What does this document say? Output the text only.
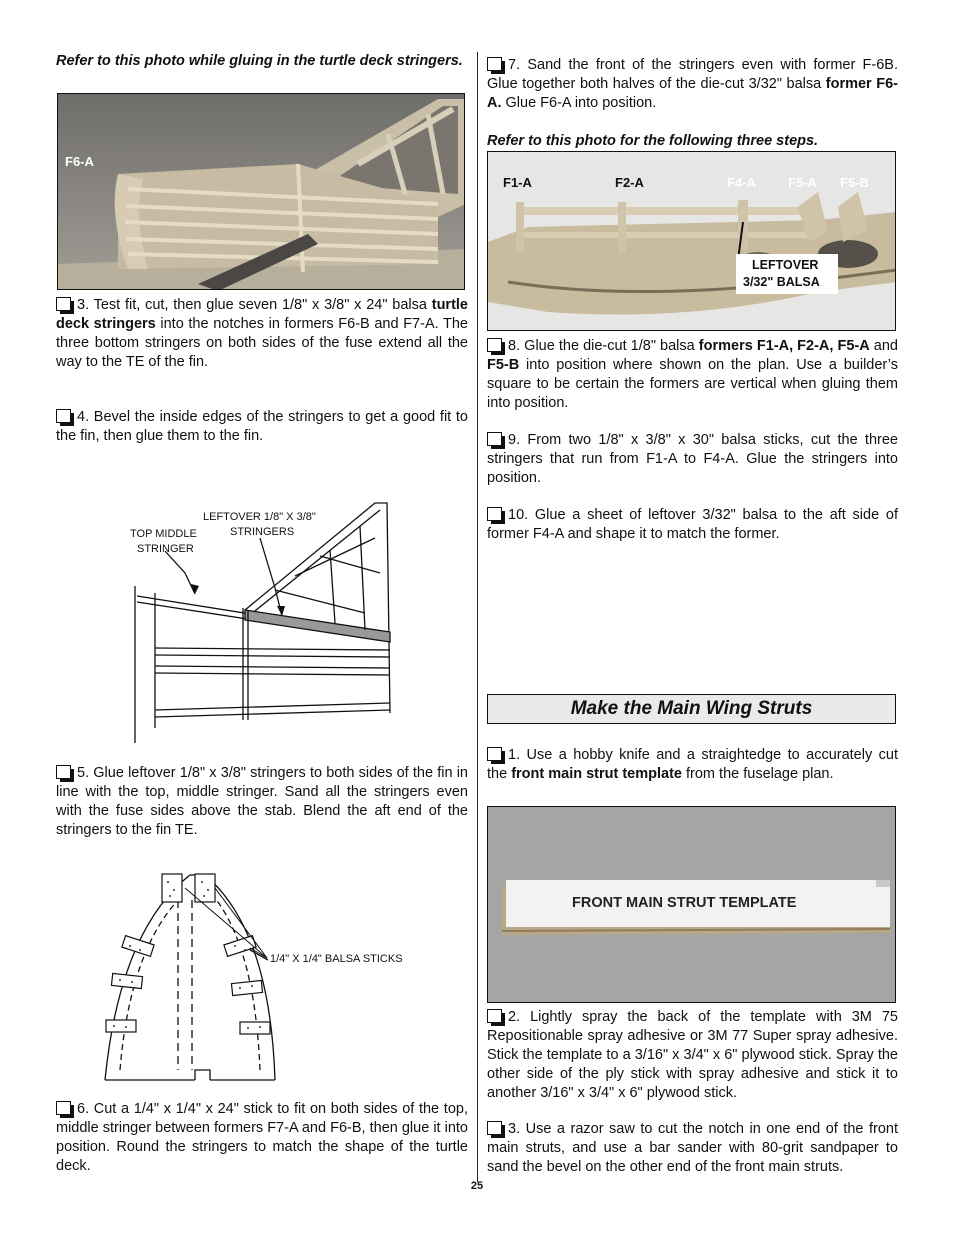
Refer to this photo while gluing in the turtle deck stringers.

F6-A

3. Test fit, cut, then glue seven 1/8" x 3/8" x 24" balsa turtle deck stringers into the notches in formers F6-B and F7-A. The three bottom stringers on both sides of the fuse extend all the way to the TE of the fin.

4. Bevel the inside edges of the stringers to get a good fit to the fin, then glue them to the fin.

TOP MIDDLE
STRINGER
LEFTOVER 1/8" X 3/8"
STRINGERS

5. Glue leftover 1/8" x 3/8" stringers to both sides of the fin in line with the top, middle stringer. Sand all the stringers even with the fuse sides above the stab. Blend the aft end of the stringers to the fin TE.

1/4" X 1/4" BALSA STICKS

6. Cut a 1/4" x 1/4" x 24" stick to fit on both sides of the top, middle stringer between formers F7-A and F6-B, then glue it into position. Round the stringers to match the shape of the turtle deck.

7. Sand the front of the stringers even with former F-6B. Glue together both halves of the die-cut 3/32" balsa former F6-A. Glue F6-A into position.

Refer to this photo for the following three steps.

F1-A	F2-A	F4-A F5-A F5-B
LEFTOVER
3/32" BALSA

8. Glue the die-cut 1/8" balsa formers F1-A, F2-A, F5-A and F5-B into position where shown on the plan. Use a builder’s square to be certain the formers are vertical when gluing them into position.

9. From two 1/8" x 3/8" x 30" balsa sticks, cut the three stringers that run from F1-A to F4-A. Glue the stringers into position.

10. Glue a sheet of leftover 3/32" balsa to the aft side of former F4-A and shape it to match the former.

Make the Main Wing Struts

1. Use a hobby knife and a straightedge to accurately cut the front main strut template from the fuselage plan.

FRONT MAIN STRUT TEMPLATE

2. Lightly spray the back of the template with 3M 75 Repositionable spray adhesive or 3M 77 Super spray adhesive. Stick the template to a 3/16" x 3/4" x 6" plywood stick. Spray the other side of the ply stick with spray adhesive and stick it to another 3/16" x 3/4" x 6" plywood stick.

3. Use a razor saw to cut the notch in one end of the front main struts, and use a bar sander with 80-grit sandpaper to sand the bevel on the other end of the front main struts.

25
